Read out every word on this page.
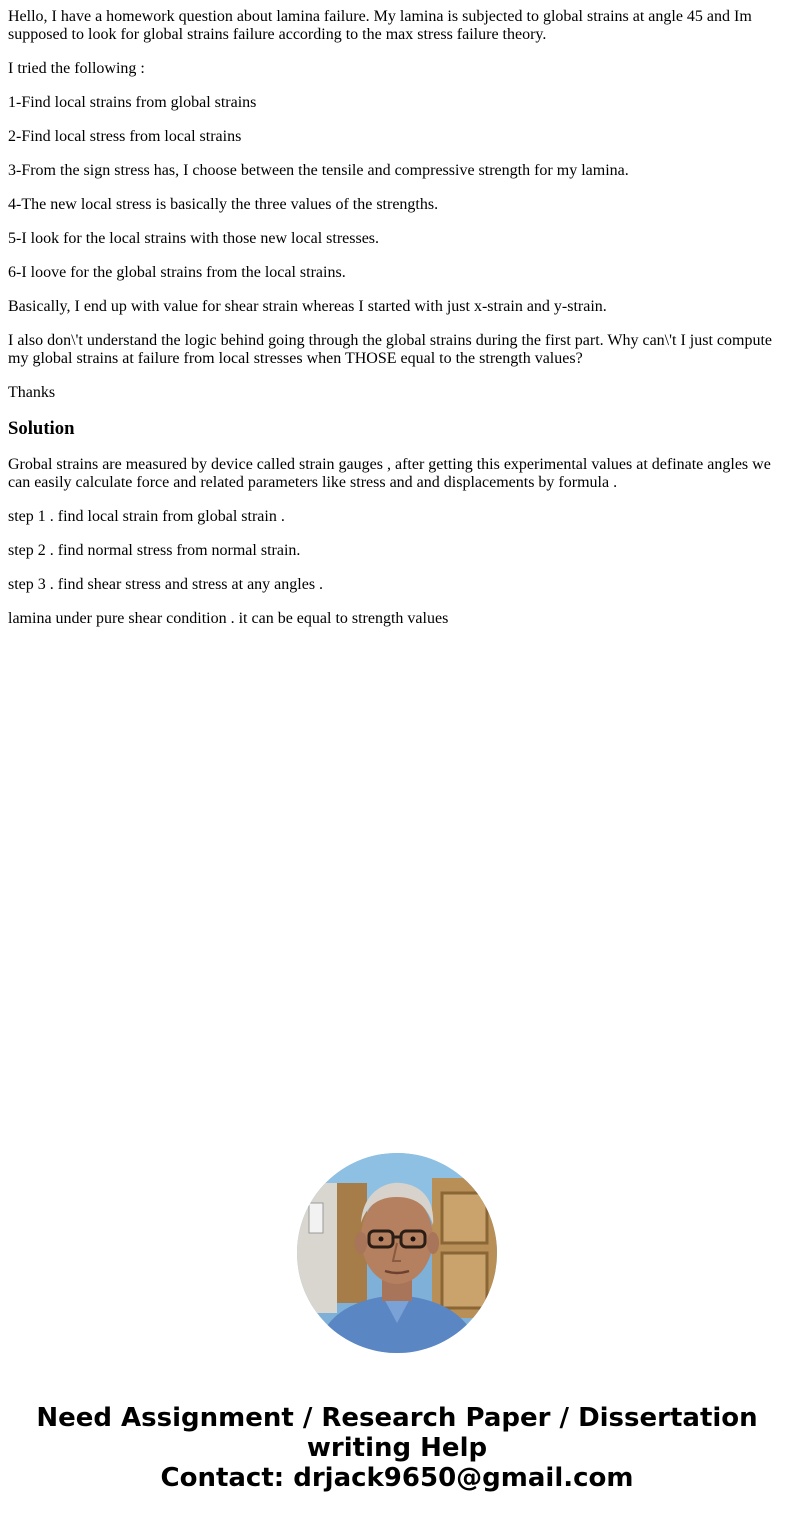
Hello, I have a homework question about lamina failure. My lamina is subjected to global strains at angle 45 and Im supposed to look for global strains failure according to the max stress failure theory.

I tried the following :

1-Find local strains from global strains

2-Find local stress from local strains

3-From the sign stress has, I choose between the tensile and compressive strength for my lamina.

4-The new local stress is basically the three values of the strengths.

5-I look for the local strains with those new local stresses.

6-I loove for the global strains from the local strains.

Basically, I end up with value for shear strain whereas I started with just x-strain and y-strain.

I also don\'t understand the logic behind going through the global strains during the first part. Why can\'t I just compute my global strains at failure from local stresses when THOSE equal to the strength values?

Thanks

Solution

Grobal strains are measured by device called strain gauges , after getting this experimental values at definate angles we can easily calculate force and related parameters like stress and and displacements by formula .

step 1 . find local strain from global strain .

step 2 . find normal stress from normal strain.

step 3 . find shear stress and stress at any angles .

lamina under pure shear condition . it can be equal to strength values

Need Assignment / Research Paper / Dissertation
writing Help
Contact: drjack9650@gmail.com
